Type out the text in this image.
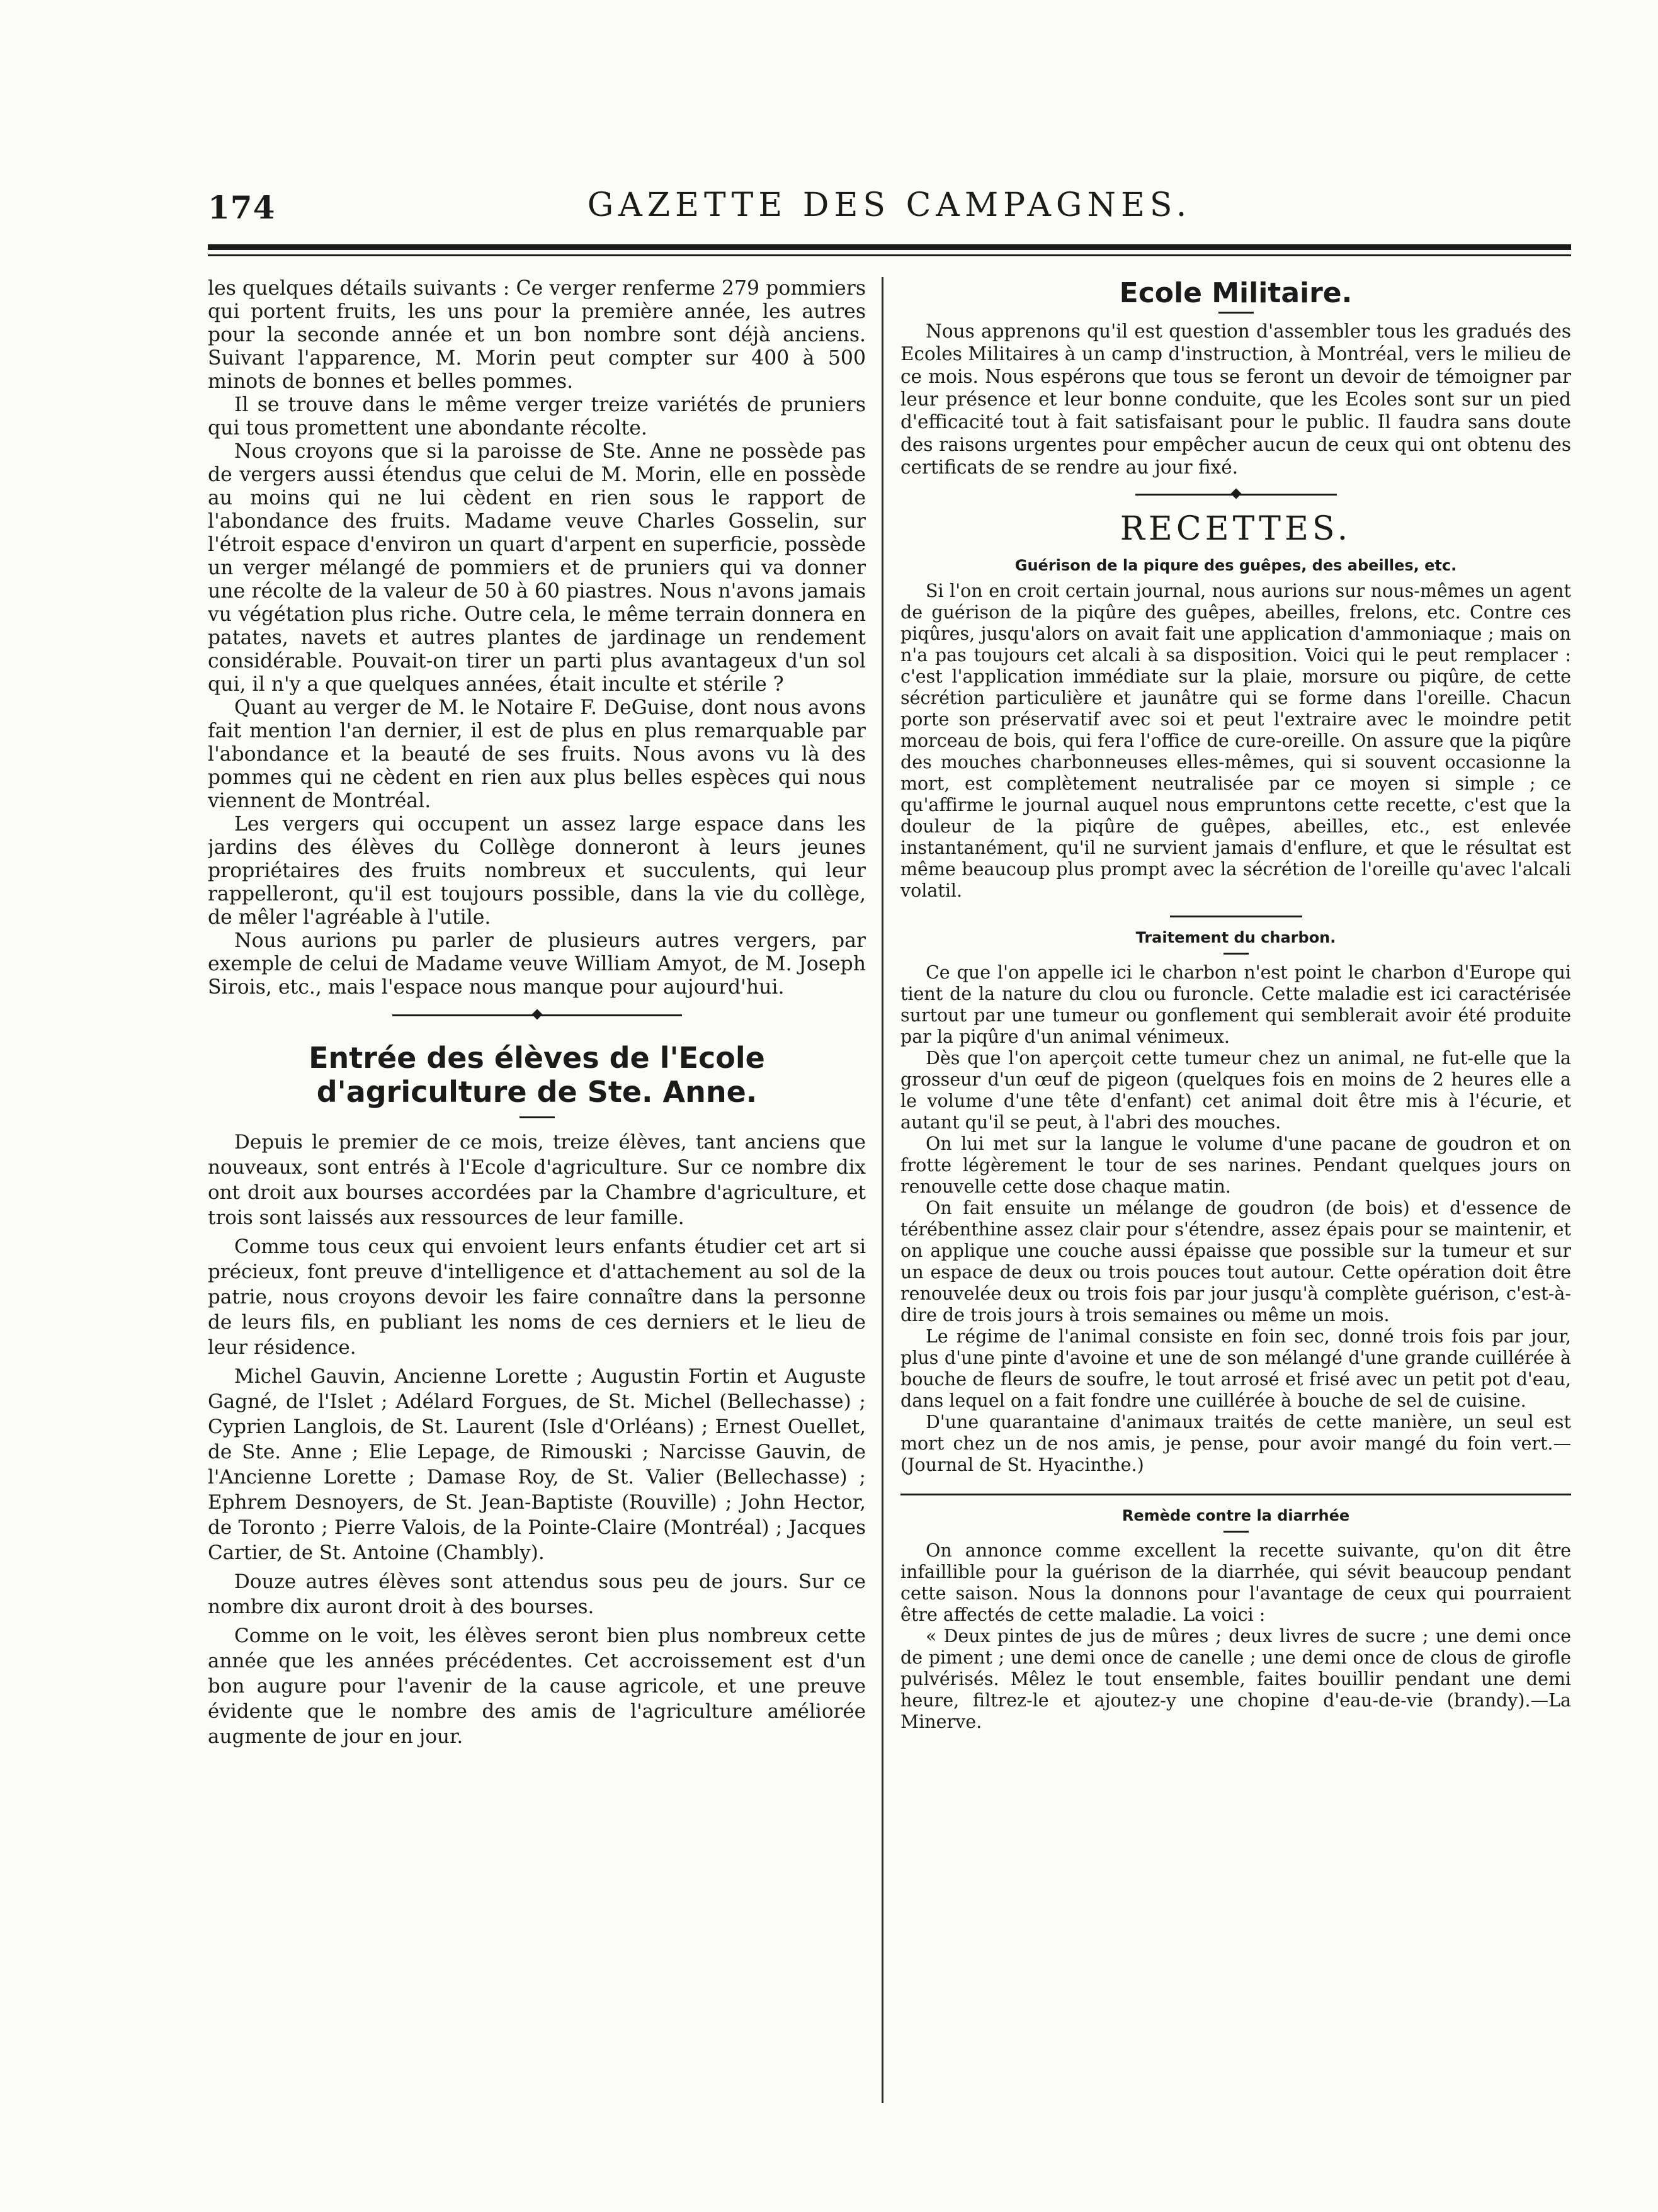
174	GAZETTE DES CAMPAGNES.

les quelques détails suivants : Ce verger renferme 279 pommiers qui portent fruits, les uns pour la première année, les autres pour la seconde année et un bon nombre sont déjà anciens. Suivant l'apparence, M. Morin peut compter sur 400 à 500 minots de bonnes et belles pommes.

Il se trouve dans le même verger treize variétés de pruniers qui tous promettent une abondante récolte.

Nous croyons que si la paroisse de Ste. Anne ne possède pas de vergers aussi étendus que celui de M. Morin, elle en possède au moins qui ne lui cèdent en rien sous le rapport de l'abondance des fruits. Madame veuve Charles Gosselin, sur l'étroit espace d'environ un quart d'arpent en superficie, possède un verger mélangé de pommiers et de pruniers qui va donner une récolte de la valeur de 50 à 60 piastres. Nous n'avons jamais vu végétation plus riche. Outre cela, le même terrain donnera en patates, navets et autres plantes de jardinage un rendement considérable. Pouvait-on tirer un parti plus avantageux d'un sol qui, il n'y a que quelques années, était inculte et stérile ?

Quant au verger de M. le Notaire F. DeGuise, dont nous avons fait mention l'an dernier, il est de plus en plus remarquable par l'abondance et la beauté de ses fruits. Nous avons vu là des pommes qui ne cèdent en rien aux plus belles espèces qui nous viennent de Montréal.

Les vergers qui occupent un assez large espace dans les jardins des élèves du Collège donneront à leurs jeunes propriétaires des fruits nombreux et succulents, qui leur rappelleront, qu'il est toujours possible, dans la vie du collège, de mêler l'agréable à l'utile.

Nous aurions pu parler de plusieurs autres vergers, par exemple de celui de Madame veuve William Amyot, de M. Joseph Sirois, etc., mais l'espace nous manque pour aujourd'hui.

Entrée des élèves de l'Ecole d'agriculture de Ste. Anne.

Depuis le premier de ce mois, treize élèves, tant anciens que nouveaux, sont entrés à l'Ecole d'agriculture. Sur ce nombre dix ont droit aux bourses accordées par la Chambre d'agriculture, et trois sont laissés aux ressources de leur famille.

Comme tous ceux qui envoient leurs enfants étudier cet art si précieux, font preuve d'intelligence et d'attachement au sol de la patrie, nous croyons devoir les faire connaître dans la personne de leurs fils, en publiant les noms de ces derniers et le lieu de leur résidence.

Michel Gauvin, Ancienne Lorette ; Augustin Fortin et Auguste Gagné, de l'Islet ; Adélard Forgues, de St. Michel (Bellechasse) ; Cyprien Langlois, de St. Laurent (Isle d'Orléans) ; Ernest Ouellet, de Ste. Anne ; Elie Lepage, de Rimouski ; Narcisse Gauvin, de l'Ancienne Lorette ; Damase Roy, de St. Valier (Bellechasse) ; Ephrem Desnoyers, de St. Jean-Baptiste (Rouville) ; John Hector, de Toronto ; Pierre Valois, de la Pointe-Claire (Montréal) ; Jacques Cartier, de St. Antoine (Chambly).

Douze autres élèves sont attendus sous peu de jours. Sur ce nombre dix auront droit à des bourses.

Comme on le voit, les élèves seront bien plus nombreux cette année que les années précédentes. Cet accroissement est d'un bon augure pour l'avenir de la cause agricole, et une preuve évidente que le nombre des amis de l'agriculture améliorée augmente de jour en jour.

Ecole Militaire.

Nous apprenons qu'il est question d'assembler tous les gradués des Ecoles Militaires à un camp d'instruction, à Montréal, vers le milieu de ce mois. Nous espérons que tous se feront un devoir de témoigner par leur présence et leur bonne conduite, que les Ecoles sont sur un pied d'efficacité tout à fait satisfaisant pour le public. Il faudra sans doute des raisons urgentes pour empêcher aucun de ceux qui ont obtenu des certificats de se rendre au jour fixé.

RECETTES.
Guérison de la piqure des guêpes, des abeilles, etc.

Si l'on en croit certain journal, nous aurions sur nous-mêmes un agent de guérison de la piqûre des guêpes, abeilles, frelons, etc. Contre ces piqûres, jusqu'alors on avait fait une application d'ammoniaque ; mais on n'a pas toujours cet alcali à sa disposition. Voici qui le peut remplacer : c'est l'application immédiate sur la plaie, morsure ou piqûre, de cette sécrétion particulière et jaunâtre qui se forme dans l'oreille. Chacun porte son préservatif avec soi et peut l'extraire avec le moindre petit morceau de bois, qui fera l'office de cure-oreille. On assure que la piqûre des mouches charbonneuses elles-mêmes, qui si souvent occasionne la mort, est complètement neutralisée par ce moyen si simple ; ce qu'affirme le journal auquel nous empruntons cette recette, c'est que la douleur de la piqûre de guêpes, abeilles, etc., est enlevée instantanément, qu'il ne survient jamais d'enflure, et que le résultat est même beaucoup plus prompt avec la sécrétion de l'oreille qu'avec l'alcali volatil.

Traitement du charbon.

Ce que l'on appelle ici le charbon n'est point le charbon d'Europe qui tient de la nature du clou ou furoncle. Cette maladie est ici caractérisée surtout par une tumeur ou gonflement qui semblerait avoir été produite par la piqûre d'un animal vénimeux.

Dès que l'on aperçoit cette tumeur chez un animal, ne fut-elle que la grosseur d'un œuf de pigeon (quelques fois en moins de 2 heures elle a le volume d'une tête d'enfant) cet animal doit être mis à l'écurie, et autant qu'il se peut, à l'abri des mouches.

On lui met sur la langue le volume d'une pacane de goudron et on frotte légèrement le tour de ses narines. Pendant quelques jours on renouvelle cette dose chaque matin.

On fait ensuite un mélange de goudron (de bois) et d'essence de térébenthine assez clair pour s'étendre, assez épais pour se maintenir, et on applique une couche aussi épaisse que possible sur la tumeur et sur un espace de deux ou trois pouces tout autour. Cette opération doit être renouvelée deux ou trois fois par jour jusqu'à complète guérison, c'est-à-dire de trois jours à trois semaines ou même un mois.

Le régime de l'animal consiste en foin sec, donné trois fois par jour, plus d'une pinte d'avoine et une de son mélangé d'une grande cuillérée à bouche de fleurs de soufre, le tout arrosé et frisé avec un petit pot d'eau, dans lequel on a fait fondre une cuillérée à bouche de sel de cuisine.

D'une quarantaine d'animaux traités de cette manière, un seul est mort chez un de nos amis, je pense, pour avoir mangé du foin vert.—(Journal de St. Hyacinthe.)

Remède contre la diarrhée

On annonce comme excellent la recette suivante, qu'on dit être infaillible pour la guérison de la diarrhée, qui sévit beaucoup pendant cette saison. Nous la donnons pour l'avantage de ceux qui pourraient être affectés de cette maladie. La voici :

« Deux pintes de jus de mûres ; deux livres de sucre ; une demi once de piment ; une demi once de canelle ; une demi once de clous de girofle pulvérisés. Mêlez le tout ensemble, faites bouillir pendant une demi heure, filtrez-le et ajoutez-y une chopine d'eau-de-vie (brandy).—La Minerve.
